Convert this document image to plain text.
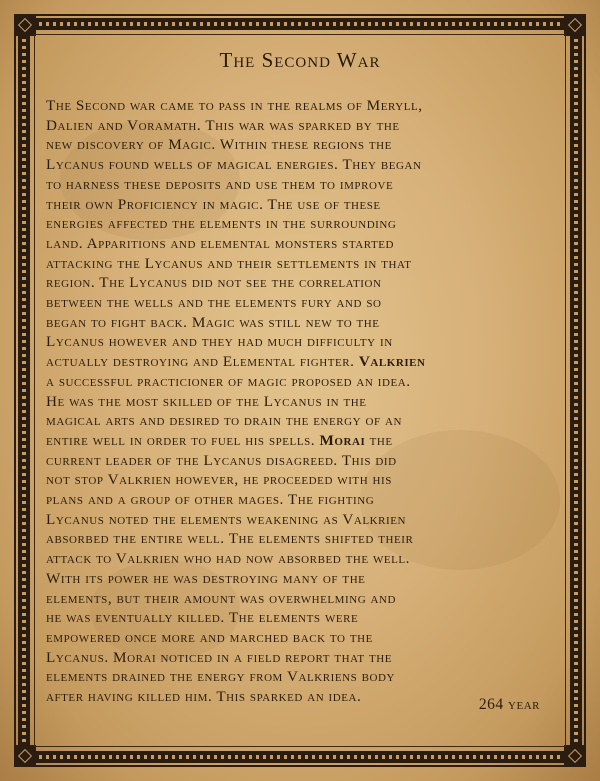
The Second War
The Second war came to pass in the realms of Meryll,
Dalien and Voramath. This war was sparked by the
new discovery of Magic. Within these regions the
Lycanus found wells of magical energies. They began
to harness these deposits and use them to improve
their own Proficiency in magic. The use of these
energies affected the elements in the surrounding
land. Apparitions and elemental monsters started
attacking the Lycanus and their settlements in that
region. The Lycanus did not see the correlation
between the wells and the elements fury and so
began to fight back. Magic was still new to the
Lycanus however and they had much difficulty in
actually destroying and Elemental fighter. Valkrien
a successful practicioner of magic proposed an idea.
He was the most skilled of the Lycanus in the
magical arts and desired to drain the energy of an
entire well in order to fuel his spells. Morai the
current leader of the Lycanus disagreed. This did
not stop Valkrien however, he proceeded with his
plans and a group of other mages. The fighting
Lycanus noted the elements weakening as Valkrien
absorbed the entire well. The elements shifted their
attack to Valkrien who had now absorbed the well.
With its power he was destroying many of the
elements, but their amount was overwhelming and
he was eventually killed. The elements were
empowered once more and marched back to the
Lycanus. Morai noticed in a field report that the
elements drained the energy from Valkriens body
after having killed him. This sparked an idea.	264 year
